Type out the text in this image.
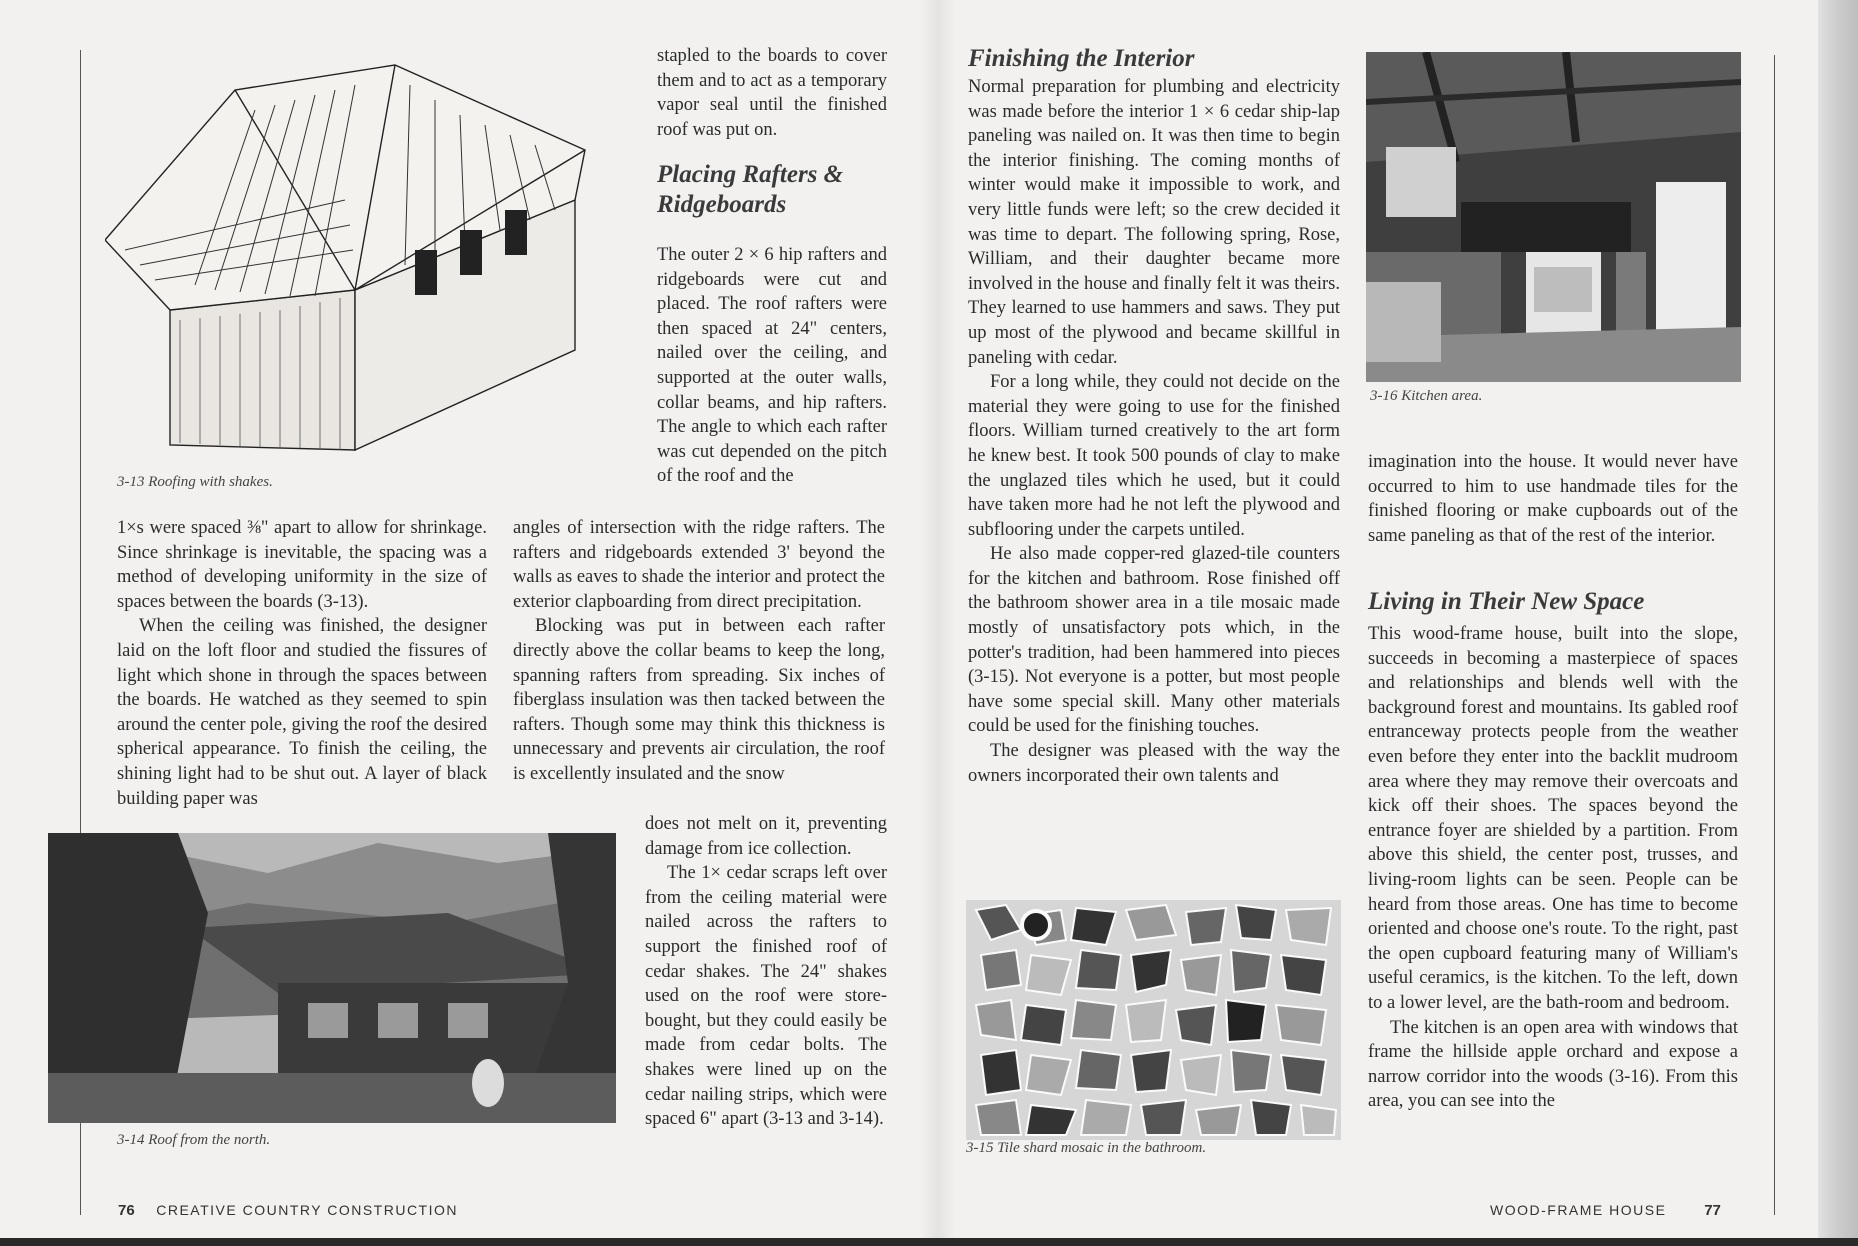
3-13 Roofing with shakes.

stapled to the boards to cover them and to act as a temporary vapor seal until the finished roof was put on.

Placing Rafters & Ridgeboards

The outer 2 × 6 hip rafters and ridgeboards were cut and placed. The roof rafters were then spaced at 24" centers, nailed over the ceiling, and supported at the outer walls, collar beams, and hip rafters. The angle to which each rafter was cut depended on the pitch of the roof and the

1×s were spaced ⅜" apart to allow for shrinkage. Since shrinkage is inevitable, the spacing was a method of developing uniformity in the size of spaces between the boards (3-13).

When the ceiling was finished, the designer laid on the loft floor and studied the fissures of light which shone in through the spaces between the boards. He watched as they seemed to spin around the center pole, giving the roof the desired spherical appearance. To finish the ceiling, the shining light had to be shut out. A layer of black building paper was

angles of intersection with the ridge rafters. The rafters and ridgeboards extended 3' beyond the walls as eaves to shade the interior and protect the exterior clapboarding from direct precipitation.

Blocking was put in between each rafter directly above the collar beams to keep the long, spanning rafters from spreading. Six inches of fiberglass insulation was then tacked between the rafters. Though some may think this thickness is unnecessary and prevents air circulation, the roof is excellently insulated and the snow

3-14 Roof from the north.

does not melt on it, preventing damage from ice collection.

The 1× cedar scraps left over from the ceiling material were nailed across the rafters to support the finished roof of cedar shakes. The 24" shakes used on the roof were store-bought, but they could easily be made from cedar bolts. The shakes were lined up on the cedar nailing strips, which were spaced 6" apart (3-13 and 3-14).

76 CREATIVE COUNTRY CONSTRUCTION
Finishing the Interior

Normal preparation for plumbing and electricity was made before the interior 1 × 6 cedar ship-lap paneling was nailed on. It was then time to begin the interior finishing. The coming months of winter would make it impossible to work, and very little funds were left; so the crew decided it was time to depart. The following spring, Rose, William, and their daughter became more involved in the house and finally felt it was theirs. They learned to use hammers and saws. They put up most of the plywood and became skillful in paneling with cedar.

For a long while, they could not decide on the material they were going to use for the finished floors. William turned creatively to the art form he knew best. It took 500 pounds of clay to make the unglazed tiles which he used, but it could have taken more had he not left the plywood and subflooring under the carpets untiled.

He also made copper-red glazed-tile counters for the kitchen and bathroom. Rose finished off the bathroom shower area in a tile mosaic made mostly of unsatisfactory pots which, in the potter's tradition, had been hammered into pieces (3-15). Not everyone is a potter, but most people have some special skill. Many other materials could be used for the finishing touches.

The designer was pleased with the way the owners incorporated their own talents and

3-15 Tile shard mosaic in the bathroom.
3-16 Kitchen area.

imagination into the house. It would never have occurred to him to use handmade tiles for the finished flooring or make cupboards out of the same paneling as that of the rest of the interior.

Living in Their New Space

This wood-frame house, built into the slope, succeeds in becoming a masterpiece of spaces and relationships and blends well with the background forest and mountains. Its gabled roof entranceway protects people from the weather even before they enter into the backlit mudroom area where they may remove their overcoats and kick off their shoes. The spaces beyond the entrance foyer are shielded by a partition. From above this shield, the center post, trusses, and living-room lights can be seen. People can be heard from those areas. One has time to become oriented and choose one's route. To the right, past the open cupboard featuring many of William's useful ceramics, is the kitchen. To the left, down to a lower level, are the bath-room and bedroom.

The kitchen is an open area with windows that frame the hillside apple orchard and expose a narrow corridor into the woods (3-16). From this area, you can see into the

WOOD-FRAME HOUSE	77
